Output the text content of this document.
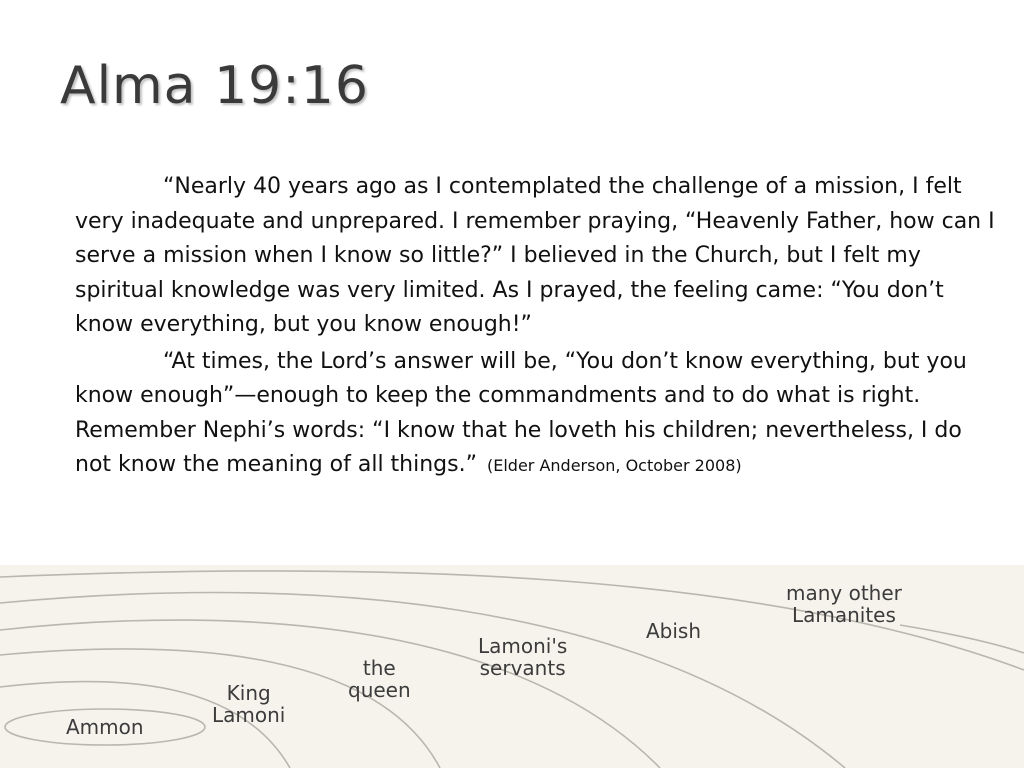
Alma 19:16

“Nearly 40 years ago as I contemplated the challenge of a mission, I felt very inadequate and unprepared. I remember praying, “Heavenly Father, how can I serve a mission when I know so little?” I believed in the Church, but I felt my spiritual knowledge was very limited. As I prayed, the feeling came: “You don’t know everything, but you know enough!”

“At times, the Lord’s answer will be, “You don’t know everything, but you know enough”—enough to keep the commandments and to do what is right. Remember Nephi’s words: “I know that he loveth his children; nevertheless, I do not know the meaning of all things.” (Elder Anderson, October 2008)

Ammon
King
Lamoni
the
queen
Lamoni's
servants
Abish
many other
Lamanites
